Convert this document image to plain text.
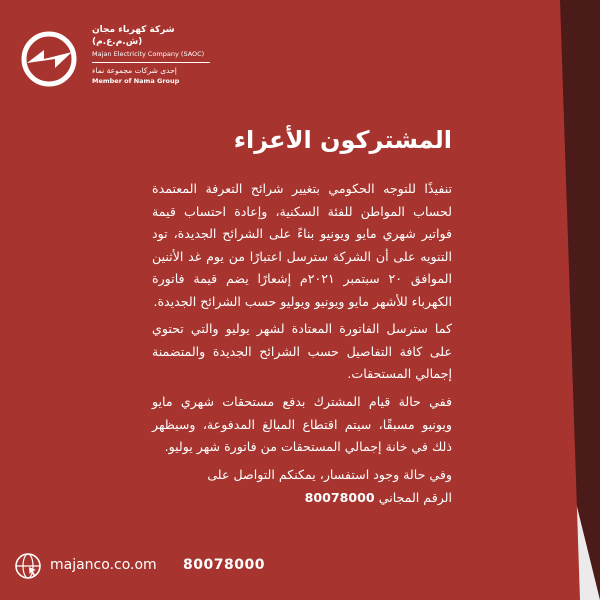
شركة كهرباء مجان (ش.م.ع.م)
Majan Electricity Company (SAOC)
إحدى شركات مجموعة نماء
Member of Nama Group
المشتركون الأعزاء
تنفيذًا للتوجه الحكومي بتغيير شرائح التعرفة المعتمدة لحساب المواطن للفئة السكنية، وإعادة احتساب قيمة فواتير شهري مايو ويونيو بناءً على الشرائح الجديدة، تود التنويه على أن الشركة سترسل اعتبارًا من يوم غد الأثنين الموافق ٢٠ سبتمبر ٢٠٢١م إشعارًا يضم قيمة فاتورة الكهرباء للأشهر مايو ويونيو ويوليو حسب الشرائح الجديدة.
كما سترسل الفاتورة المعتادة لشهر يوليو والتي تحتوي على كافة التفاصيل حسب الشرائح الجديدة والمتضمنة إجمالي المستحقات.
ففي حالة قيام المشترك بدفع مستحقات شهري مايو ويونيو مسبقًا، سيتم اقتطاع المبالغ المدفوعة، وسيظهر ذلك في خانة إجمالي المستحقات من فاتورة شهر يوليو.
وفي حالة وجود استفسار، يمكنكم التواصل على
الرقم المجاني 80078000
majanco.co.om 80078000
